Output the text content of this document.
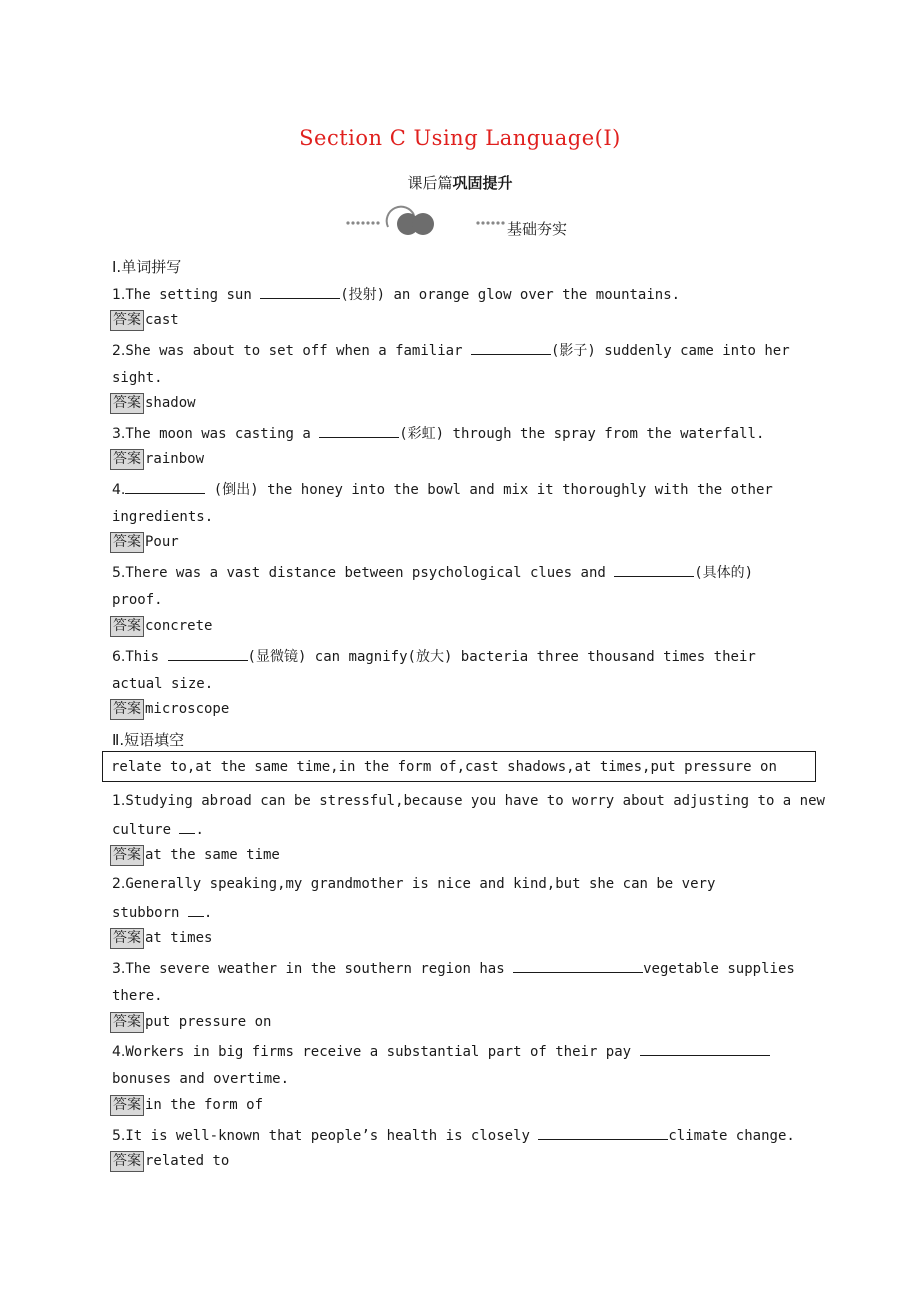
Section C Using Language(Ⅰ)
课后篇巩固提升
基础夯实
Ⅰ.单词拼写
1.The setting sun	(投射) an orange glow over the mountains.
答案 cast
2.She was about to set off when a familiar	(影子) suddenly came into her
sight.
答案 shadow
3.The moon was casting a	(彩虹) through the spray from the waterfall.
答案 rainbow
4.	(倒出) the honey into the bowl and mix it thoroughly with the other
ingredients.
答案 Pour
5.There was a vast distance between psychological clues and	(具体的)
proof.
答案 concrete
6.This	(显微镜) can magnify(放大) bacteria three thousand times their
actual size.
答案 microscope
Ⅱ.短语填空
relate to,at the same time,in the form of,cast shadows,at times,put pressure on
1.Studying abroad can be stressful,because you have to worry about adjusting to a new
culture .
答案 at the same time
2.Generally speaking,my grandmother is nice and kind,but she can be very
stubborn .
答案 at times
3.The severe weather in the southern region has	vegetable supplies
there.
答案 put pressure on
4.Workers in big firms receive a substantial part of their pay
bonuses and overtime.
答案 in the form of
5.It is well-known that people’s health is closely	climate change.
答案 related to
